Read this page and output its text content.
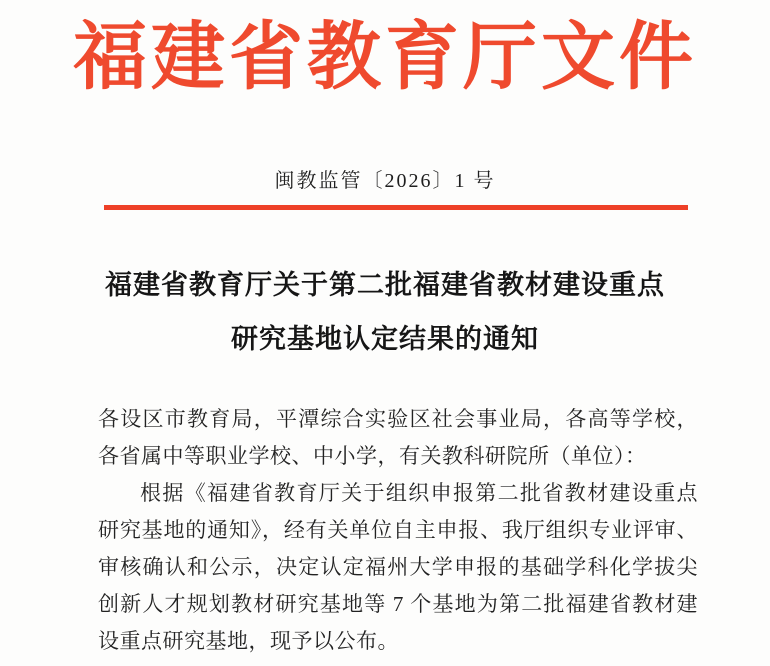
福建省教育厅文件
闽教监管〔2026〕1 号
福建省教育厅关于第二批福建省教材建设重点
研究基地认定结果的通知

各设区市教育局，平潭综合实验区社会事业局，各高等学校，各省属中等职业学校、中小学，有关教科研院所（单位）：

根据《福建省教育厅关于组织申报第二批省教材建设重点研究基地的通知》，经有关单位自主申报、我厅组织专业评审、审核确认和公示，决定认定福州大学申报的基础学科化学拔尖创新人才规划教材研究基地等 7 个基地为第二批福建省教材建设重点研究基地，现予以公布。
